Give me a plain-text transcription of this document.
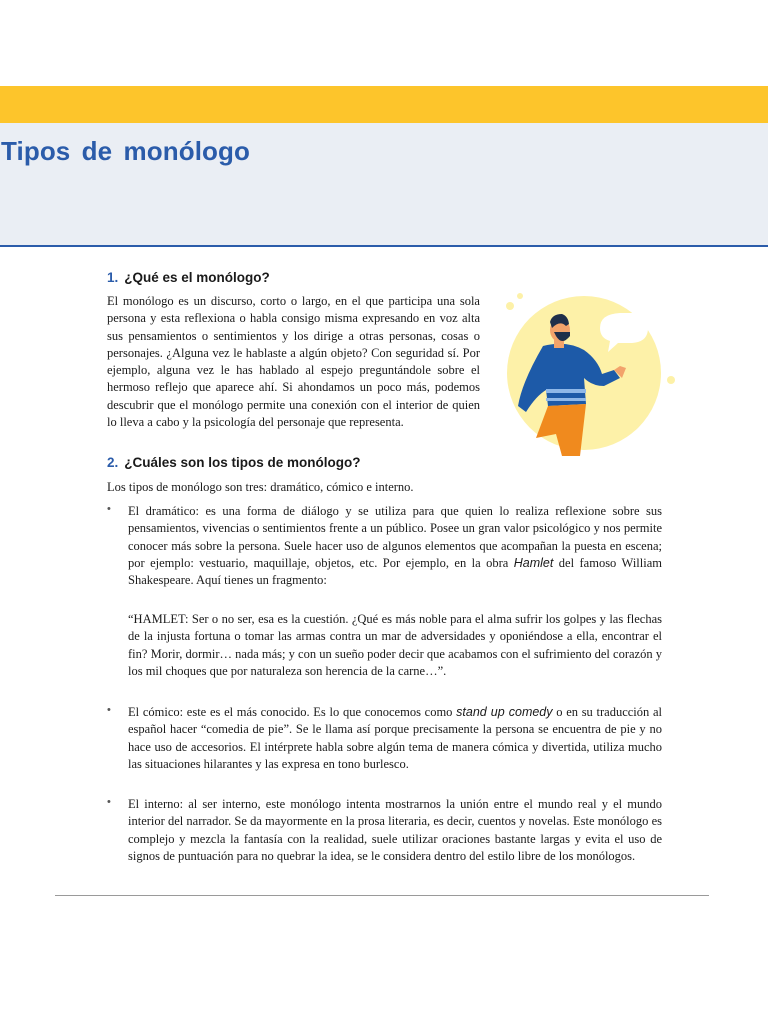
Tipos de monólogo
1. ¿Qué es el monólogo?

El monólogo es un discurso, corto o largo, en el que participa una sola persona y esta reflexiona o habla consigo misma expresando en voz alta sus pensamientos o sentimientos y los dirige a otras personas, cosas o personajes. ¿Alguna vez le hablaste a algún objeto? Con seguridad sí. Por ejemplo, alguna vez le has hablado al espejo preguntándole sobre el hermoso reflejo que aparece ahí. Si ahondamos un poco más, podemos descubrir que el monólogo permite una conexión con el interior de quien lo lleva a cabo y la psicología del personaje que representa.

2. ¿Cuáles son los tipos de monólogo?

Los tipos de monólogo son tres: dramático, cómico e interno.

• El dramático: es una forma de diálogo y se utiliza para que quien lo realiza reflexione sobre sus pensamientos, vivencias o sentimientos frente a un público. Posee un gran valor psicológico y nos permite conocer más sobre la persona. Suele hacer uso de algunos elementos que acompañan la puesta en escena; por ejemplo: vestuario, maquillaje, objetos, etc. Por ejemplo, en la obra Hamlet del famoso William Shakespeare. Aquí tienes un fragmento:

“HAMLET: Ser o no ser, esa es la cuestión. ¿Qué es más noble para el alma sufrir los golpes y las flechas de la injusta fortuna o tomar las armas contra un mar de adversidades y oponiéndose a ella, encontrar el fin? Morir, dormir… nada más; y con un sueño poder decir que acabamos con el sufrimiento del corazón y los mil choques que por naturaleza son herencia de la carne…”.

• El cómico: este es el más conocido. Es lo que conocemos como stand up comedy o en su traducción al español hacer “comedia de pie”. Se le llama así porque precisamente la persona se encuentra de pie y no hace uso de accesorios. El intérprete habla sobre algún tema de manera cómica y divertida, utiliza mucho las situaciones hilarantes y las expresa en tono burlesco.

• El interno: al ser interno, este monólogo intenta mostrarnos la unión entre el mundo real y el mundo interior del narrador. Se da mayormente en la prosa literaria, es decir, cuentos y novelas. Este monólogo es complejo y mezcla la fantasía con la realidad, suele utilizar oraciones bastante largas y evita el uso de signos de puntuación para no quebrar la idea, se le considera dentro del estilo libre de los monólogos.
